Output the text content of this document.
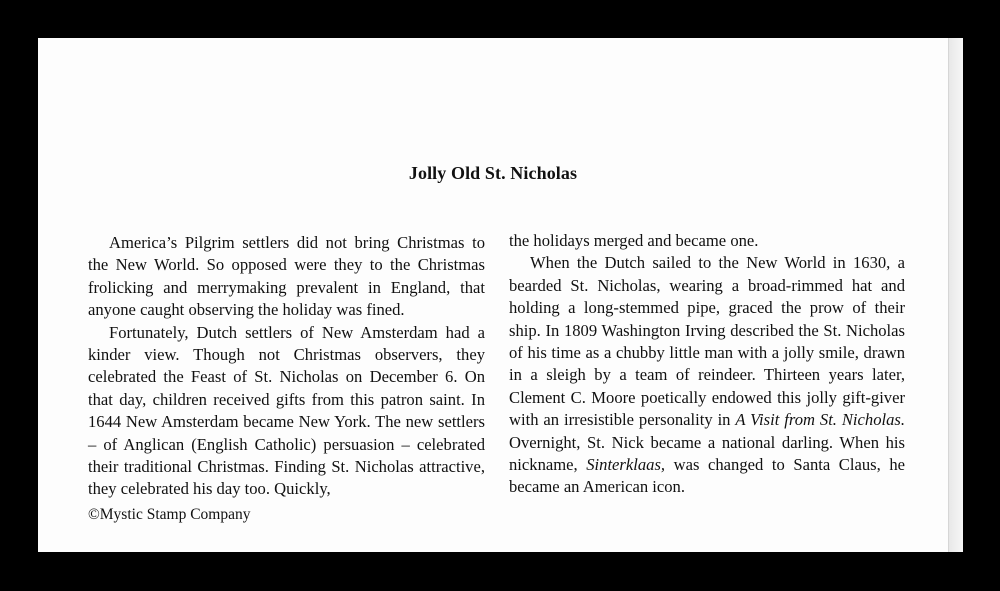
Jolly Old St. Nicholas

America’s Pilgrim settlers did not bring Christmas to the New World. So opposed were they to the Christmas frolicking and merrymaking prevalent in England, that anyone caught observing the holiday was fined.

Fortunately, Dutch settlers of New Amsterdam had a kinder view. Though not Christmas observers, they celebrated the Feast of St. Nicholas on December 6. On that day, children received gifts from this patron saint. In 1644 New Amsterdam became New York. The new settlers – of Anglican (English Catholic) persuasion – celebrated their traditional Christmas. Finding St. Nicholas attractive, they celebrated his day too. Quickly,

the holidays merged and became one.

When the Dutch sailed to the New World in 1630, a bearded St. Nicholas, wearing a broad-rimmed hat and holding a long-stemmed pipe, graced the prow of their ship. In 1809 Washington Irving described the St. Nicholas of his time as a chubby little man with a jolly smile, drawn in a sleigh by a team of reindeer. Thirteen years later, Clement C. Moore poetically endowed this jolly gift-giver with an irresistible personality in A Visit from St. Nicholas. Overnight, St. Nick became a national darling. When his nickname, Sinterklaas, was changed to Santa Claus, he became an American icon.

©Mystic Stamp Company
